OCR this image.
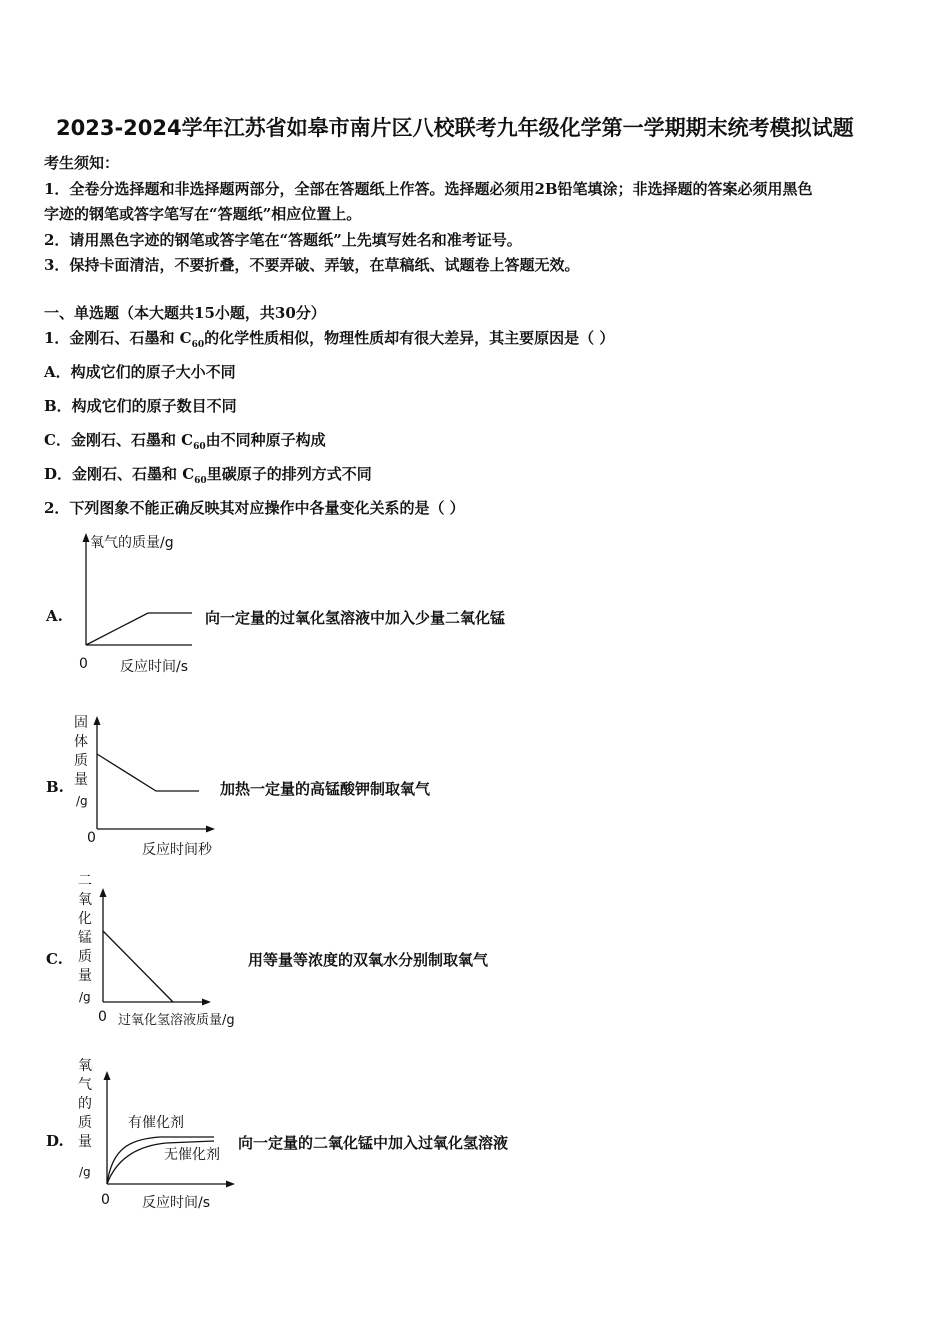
2023-2024学年江苏省如皋市南片区八校联考九年级化学第一学期期末统考模拟试题
考生须知：
1．全卷分选择题和非选择题两部分，全部在答题纸上作答。选择题必须用2B铅笔填涂；非选择题的答案必须用黑色
字迹的钢笔或答字笔写在“答题纸”相应位置上。
2．请用黑色字迹的钢笔或答字笔在“答题纸”上先填写姓名和准考证号。
3．保持卡面清洁，不要折叠，不要弄破、弄皱，在草稿纸、试题卷上答题无效。
一、单选题（本大题共15小题，共30分）
1．金刚石、石墨和 $C_{60}$的化学性质相似，物理性质却有很大差异，其主要原因是（ ）
A．构成它们的原子大小不同
B．构成它们的原子数目不同
C．金刚石、石墨和 $C_{60}$由不同种原子构成
D．金刚石、石墨和 $C_{60}$里碳原子的排列方式不同
2．下列图象不能正确反映其对应操作中各量变化关系的是（ ）
A.
氧气的质量/g
0 反应时间/s
向一定量的过氧化氢溶液中加入少量二氧化锰
B.
固
体
质
量
/g
0
反应时间秒
加热一定量的高锰酸钾制取氧气
C.
二
氧
化
锰
质
量
/g
0 过氧化氢溶液质量/g
用等量等浓度的双氧水分别制取氧气
D.
氧
气
的
质
量
/g
0 反应时间/s
有催化剂
无催化剂
向一定量的二氧化锰中加入过氧化氢溶液
